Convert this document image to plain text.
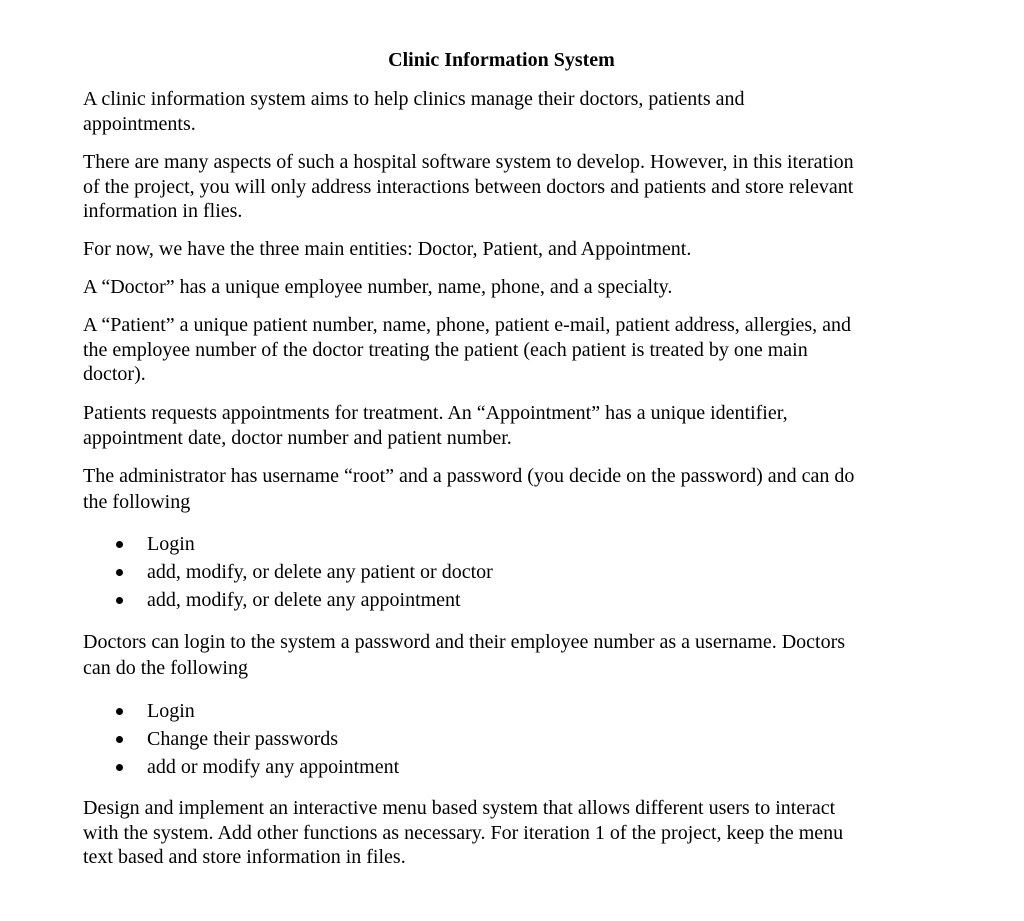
Clinic Information System
A clinic information system aims to help clinics manage their doctors, patients and
appointments.
There are many aspects of such a hospital software system to develop. However, in this iteration
of the project, you will only address interactions between doctors and patients and store relevant
information in flies.
For now, we have the three main entities: Doctor, Patient, and Appointment.
A “Doctor” has a unique employee number, name, phone, and a specialty.
A “Patient” a unique patient number, name, phone, patient e-mail, patient address, allergies, and
the employee number of the doctor treating the patient (each patient is treated by one main
doctor).
Patients requests appointments for treatment. An “Appointment” has a unique identifier,
appointment date, doctor number and patient number.
The administrator has username “root” and a password (you decide on the password) and can do
the following
Login
add, modify, or delete any patient or doctor
add, modify, or delete any appointment
Doctors can login to the system a password and their employee number as a username. Doctors
can do the following
Login
Change their passwords
add or modify any appointment
Design and implement an interactive menu based system that allows different users to interact
with the system. Add other functions as necessary. For iteration 1 of the project, keep the menu
text based and store information in files.
